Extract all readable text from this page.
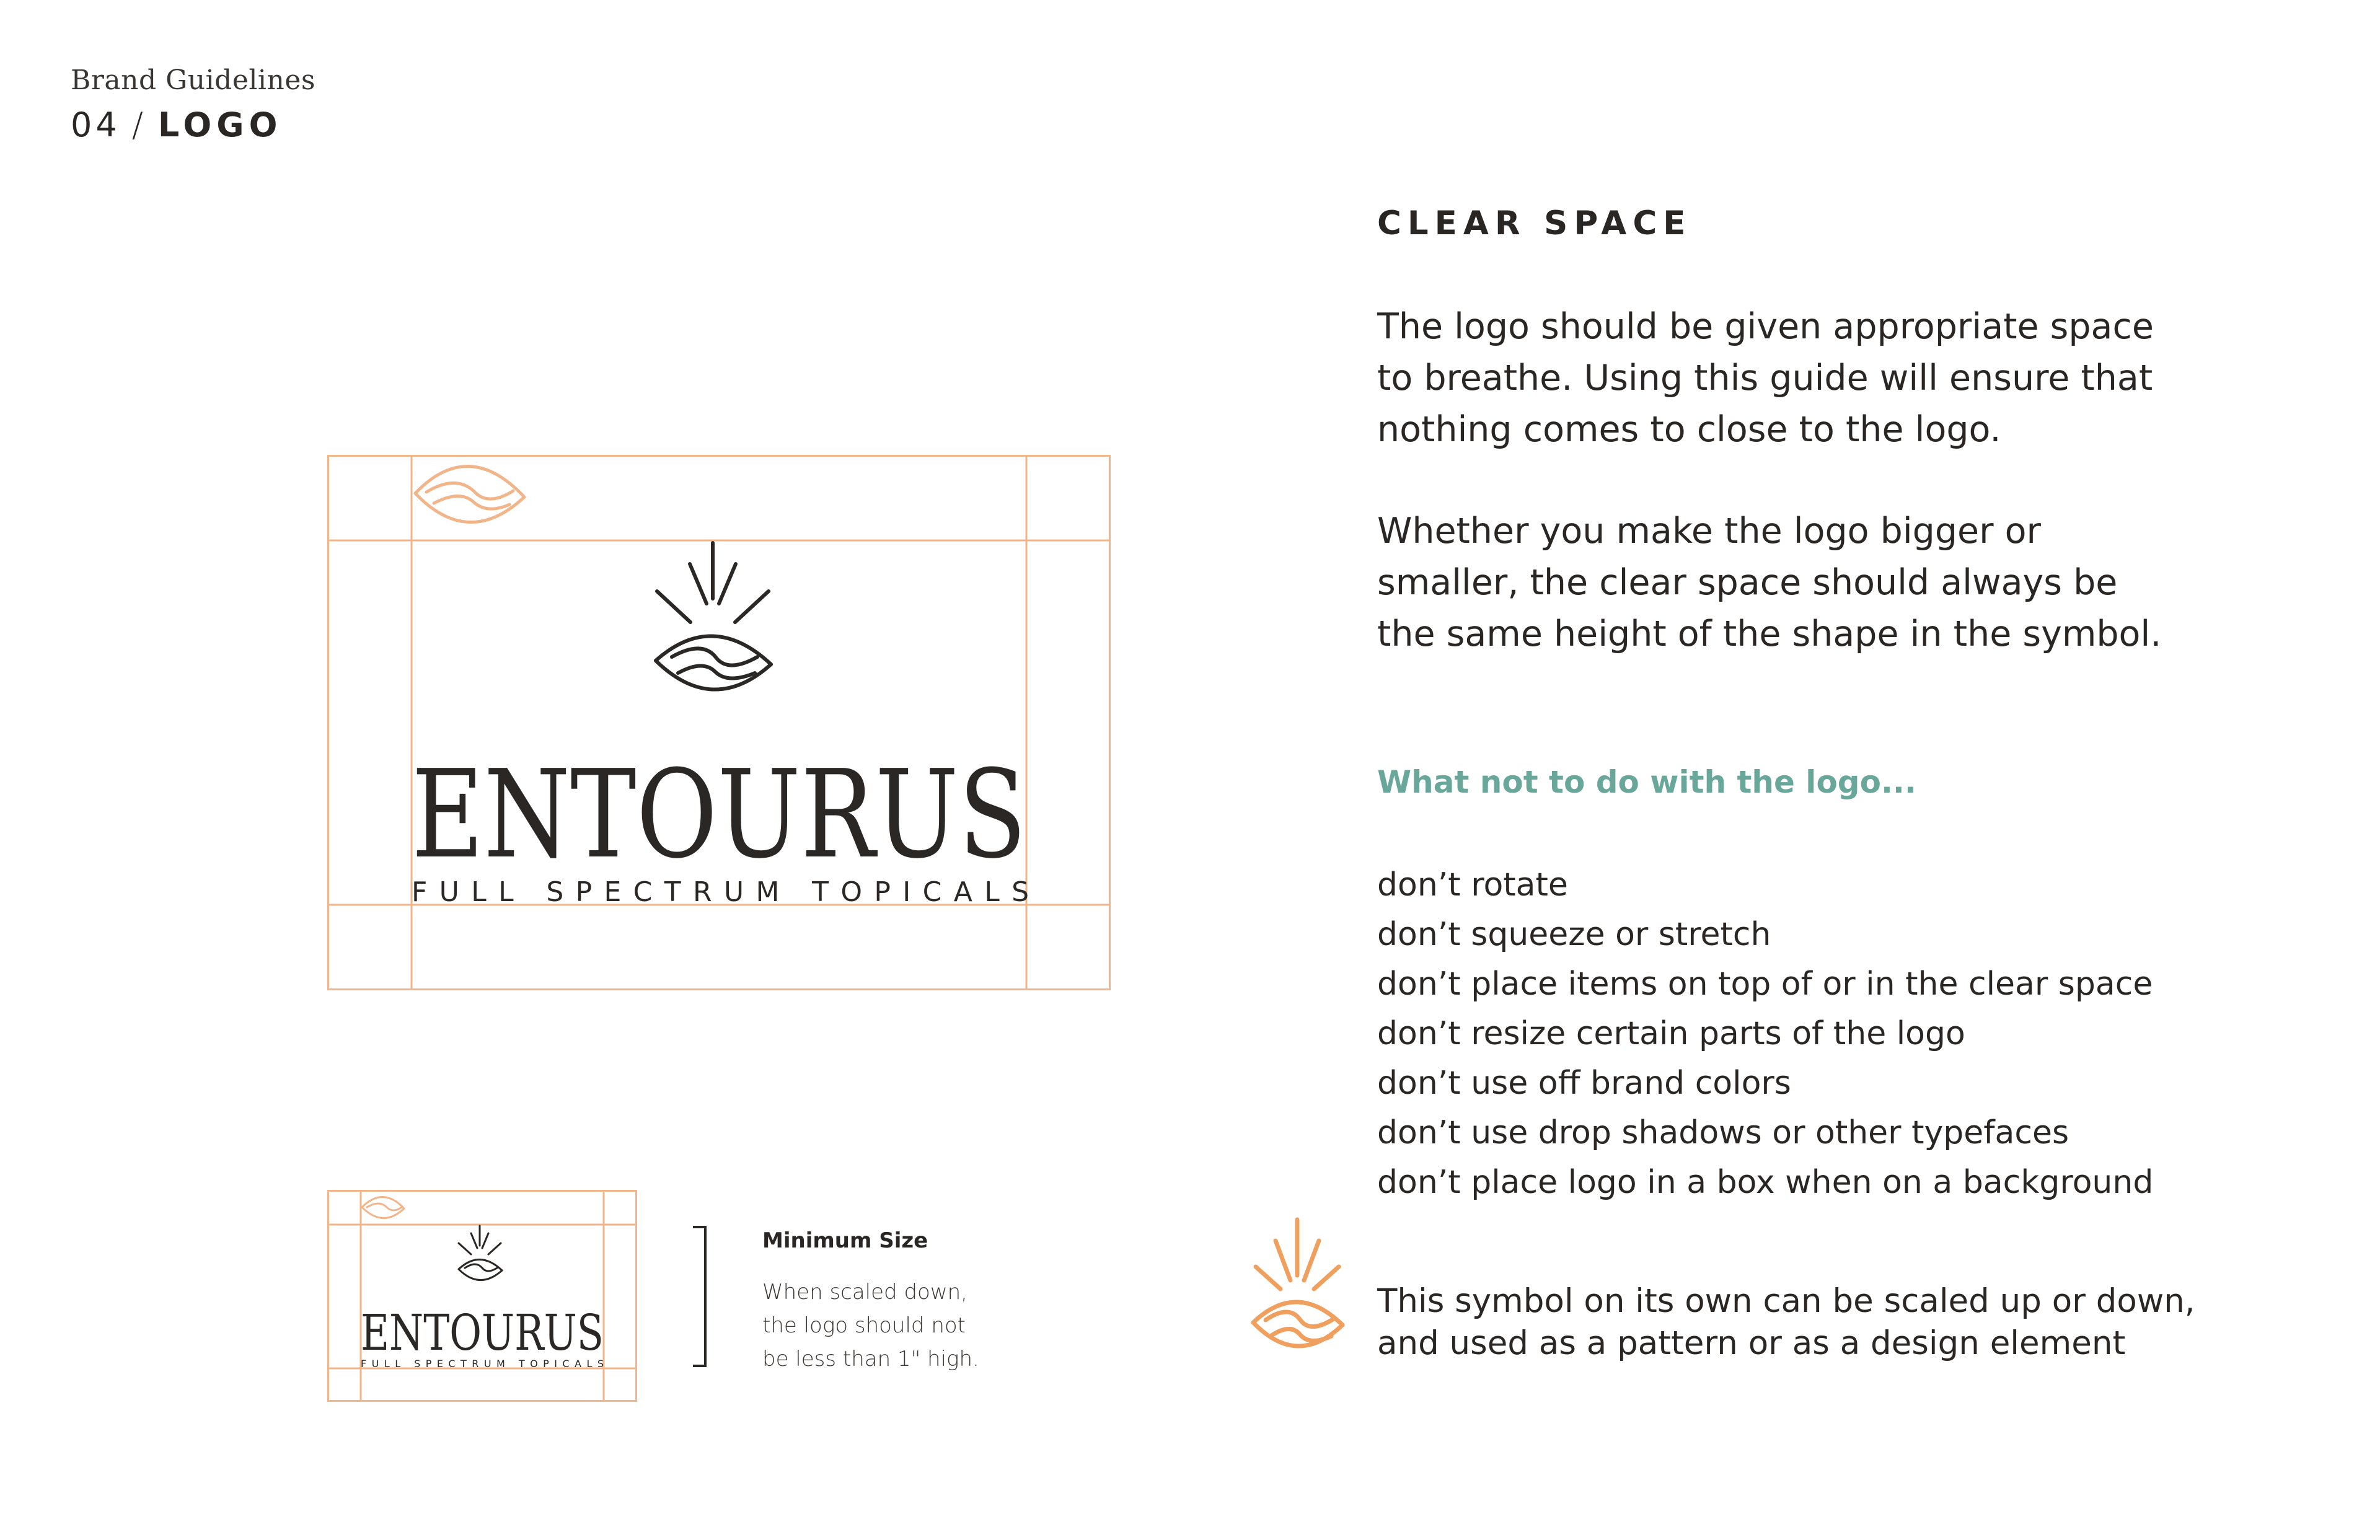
Brand Guidelines
04 / LOGO
ENTOURUS
FULL SPECTRUM TOPICALS
ENTOURUS
FULL SPECTRUM TOPICALS
Minimum Size
When scaled down, the logo should not be less than 1" high.
CLEAR SPACE
The logo should be given appropriate space to breathe. Using this guide will ensure that nothing comes to close to the logo.
Whether you make the logo bigger or smaller, the clear space should always be the same height of the shape in the symbol.
What not to do with the logo...
don’t rotate
don’t squeeze or stretch
don’t place items on top of or in the clear space
don’t resize certain parts of the logo
don’t use off brand colors
don’t use drop shadows or other typefaces
don’t place logo in a box when on a background
This symbol on its own can be scaled up or down, and used as a pattern or as a design element
